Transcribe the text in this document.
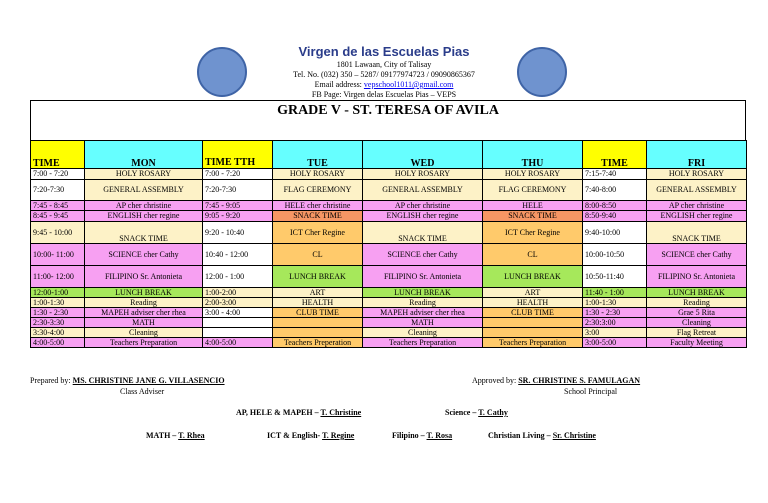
Virgen de las Escuelas Pias
1801 Lawaan, City of Talisay
Tel. No. (032) 350 – 5287/ 09177974723 / 09090865367
Email address: vepschool1011@gmail.com
FB Page: Virgen delas Escuelas Pias – VEPS
GRADE V - ST. TERESA OF AVILA
TIME	MON	TIME TTH	TUE	WED	THU	TIME	FRI
7:00 - 7:20	HOLY ROSARY	7:00 - 7:20	HOLY ROSARY	HOLY ROSARY	HOLY ROSARY	7:15-7:40	HOLY ROSARY
7:20-7:30	GENERAL ASSEMBLY	7:20-7:30	FLAG CEREMONY	GENERAL ASSEMBLY	FLAG CEREMONY	7:40-8:00	GENERAL ASSEMBLY
7:45 - 8:45	AP cher christine	7:45 - 9:05	HELE cher christine	AP cher christine	HELE	8:00-8:50	AP cher christine
8:45 - 9:45	ENGLISH cher regine	9:05 - 9:20	SNACK TIME	ENGLISH cher regine	SNACK TIME	8:50-9:40	ENGLISH cher regine
9:45 - 10:00	SNACK TIME	9:20 - 10:40	ICT Cher Regine	SNACK TIME	ICT Cher Regine	9:40-10:00	SNACK TIME
10:00- 11:00	SCIENCE cher Cathy	10:40 - 12:00	CL	SCIENCE cher Cathy	CL	10:00-10:50	SCIENCE cher Cathy
11:00- 12:00	FILIPINO Sr. Antonieta	12:00 - 1:00	LUNCH BREAK	FILIPINO Sr. Antonieta	LUNCH BREAK	10:50-11:40	FILIPINO Sr. Antonieta
12:00-1:00	LUNCH BREAK	1:00-2:00	ART	LUNCH BREAK	ART	11:40 - 1:00	LUNCH BREAK
1:00-1:30	Reading	2:00-3:00	HEALTH	Reading	HEALTH	1:00-1:30	Reading
1:30 - 2:30	MAPEH adviser cher rhea	3:00 - 4:00	CLUB TIME	MAPEH adviser cher rhea	CLUB TIME	1:30 - 2:30	Grae 5 Rita
2:30-3:30	MATH			MATH		2:30:3:00	Cleaning
3:30-4:00	Cleaning			Cleaning		3:00	Flag Retreat
4:00-5:00	Teachers Preparation	4:00-5:00	Teachers Preperation	Teachers Preparation	Teachers Preparation	3:00-5:00	Faculty Meeting
Prepared by: MS. CHRISTINE JANE G. VILLASENCIO
Class Adviser
Approved by: SR. CHRISTINE S. FAMULAGAN
School Principal
AP, HELE & MAPEH – T. Christine	Science – T. Cathy
MATH – T. Rhea	ICT & English- T. Regine	Filipino – T. Rosa	Christian Living – Sr. Christine
